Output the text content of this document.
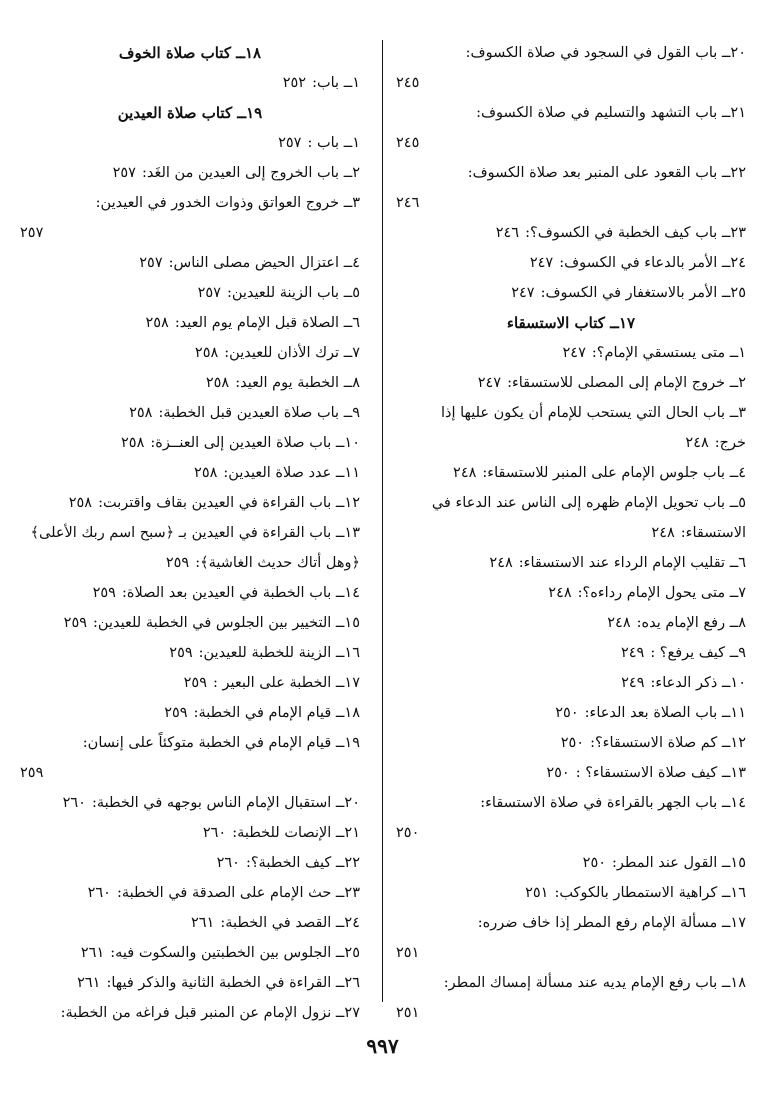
٢٠ــ باب القول في السجود في صلاة الكسوف:
٢٤٥
٢١ــ باب التشهد والتسليم في صلاة الكسوف:
٢٤٥
٢٢ــ باب القعود على المنبر بعد صلاة الكسوف:
٢٤٦
٢٣ــ باب كيف الخطبة في الكسوف؟:٢٤٦
٢٤ــ الأمر بالدعاء في الكسوف:٢٤٧
٢٥ــ الأمر بالاستغفار في الكسوف:٢٤٧
١٧ــ كتاب الاستسقاء
١ــ متى يستسقي الإمام؟:٢٤٧
٢ــ خروج الإمام إلى المصلى للاستسقاء:٢٤٧
٣ــ باب الحال التي يستحب للإمام أن يكون عليها إذا خرج:٢٤٨
٤ــ باب جلوس الإمام على المنبر للاستسقاء:٢٤٨
٥ــ باب تحويل الإمام ظهره إلى الناس عند الدعاء في الاستسقاء:٢٤٨
٦ــ تقليب الإمام الرداء عند الاستسقاء:٢٤٨
٧ــ متى يحول الإمام رداءه؟:٢٤٨
٨ــ رفع الإمام يده:٢٤٨
٩ــ كيف يرفع؟ :٢٤٩
١٠ــ ذكر الدعاء:٢٤٩
١١ــ باب الصلاة بعد الدعاء:٢٥٠
١٢ــ كم صلاة الاستسقاء؟:٢٥٠
١٣ــ كيف صلاة الاستسقاء؟ :٢٥٠
١٤ــ باب الجهر بالقراءة في صلاة الاستسقاء:
٢٥٠
١٥ــ القول عند المطر:٢٥٠
١٦ــ كراهية الاستمطار بالكوكب:٢٥١
١٧ــ مسألة الإمام رفع المطر إذا خاف ضرره:
٢٥١
١٨ــ باب رفع الإمام يديه عند مسألة إمساك المطر:
٢٥١
١٨ــ كتاب صلاة الخوف
١ــ باب:٢٥٢
١٩ــ كتاب صلاة العيدين
١ــ باب :٢٥٧
٢ــ باب الخروج إلى العيدين من الغَد:٢٥٧
٣ــ خروج العواتق وذوات الخدور في العيدين:
٢٥٧
٤ــ اعتزال الحيض مصلى الناس:٢٥٧
٥ــ باب الزينة للعيدين:٢٥٧
٦ــ الصلاة قبل الإمام يوم العيد:٢٥٨
٧ــ ترك الأذان للعيدين:٢٥٨
٨ــ الخطبة يوم العيد:٢٥٨
٩ــ باب صلاة العيدين قبل الخطبة:٢٥٨
١٠ــ باب صلاة العيدين إلى العنــزة:٢٥٨
١١ــ عدد صلاة العيدين:٢٥٨
١٢ــ باب القراءة في العيدين بقاف واقتربت:٢٥٨
١٣ــ باب القراءة في العيدين بـ ﴿سبح اسم ربك الأعلى﴾ ﴿وهل أتاك حديث الغاشية﴾:٢٥٩
١٤ــ باب الخطبة في العيدين بعد الصلاة:٢٥٩
١٥ــ التخيير بين الجلوس في الخطبة للعيدين:٢٥٩
١٦ــ الزينة للخطبة للعيدين:٢٥٩
١٧ــ الخطبة على البعير :٢٥٩
١٨ــ قيام الإمام في الخطبة:٢٥٩
١٩ــ قيام الإمام في الخطبة متوكئاً على إنسان:
٢٥٩
٢٠ــ استقبال الإمام الناس بوجهه في الخطبة:٢٦٠
٢١ــ الإنصات للخطبة:٢٦٠
٢٢ــ كيف الخطبة؟:٢٦٠
٢٣ــ حث الإمام على الصدقة في الخطبة:٢٦٠
٢٤ــ القصد في الخطبة:٢٦١
٢٥ــ الجلوس بين الخطبتين والسكوت فيه:٢٦١
٢٦ــ القراءة في الخطبة الثانية والذكر فيها:٢٦١
٢٧ــ نزول الإمام عن المنبر قبل فراغه من الخطبة:
٩٩٧
